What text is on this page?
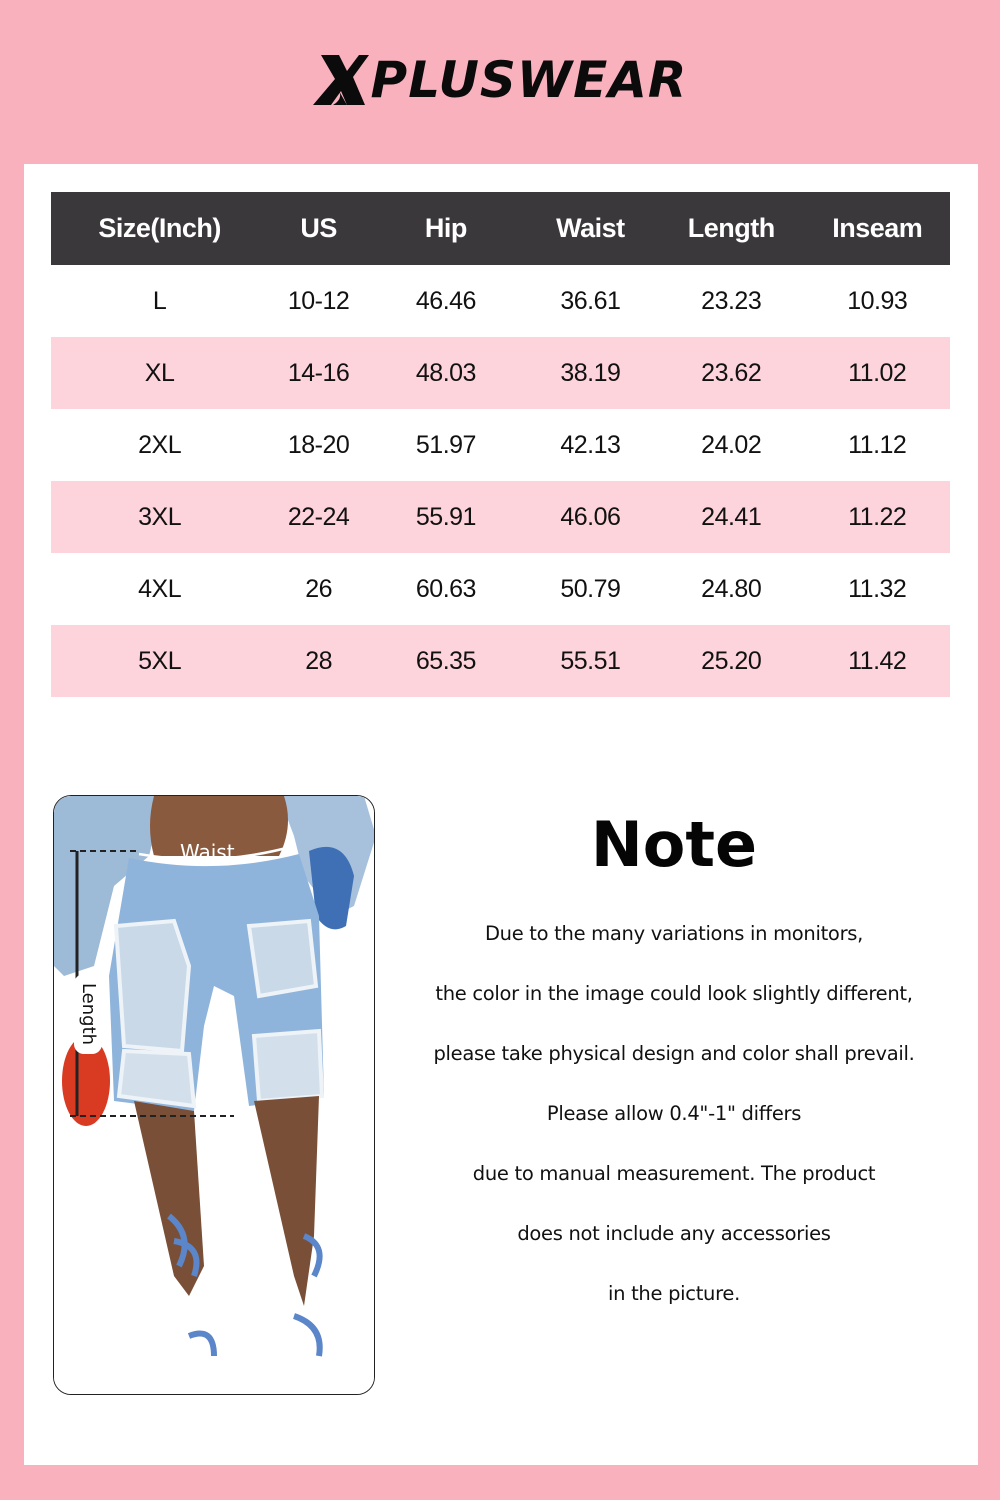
PLUSWEAR
Size(Inch)	US	Hip	Waist	Length	Inseam
L	10-12	46.46	36.61	23.23	10.93
XL	14-16	48.03	38.19	23.62	11.02
2XL	18-20	51.97	42.13	24.02	11.12
3XL	22-24	55.91	46.06	24.41	11.22
4XL	26	60.63	50.79	24.80	11.32
5XL	28	65.35	55.51	25.20	11.42
Waist
Length
Note
Due to the many variations in monitors,
the color in the image could look slightly different,
please take physical design and color shall prevail.
Please allow 0.4"-1" differs
due to manual measurement. The product
does not include any accessories
in the picture.
